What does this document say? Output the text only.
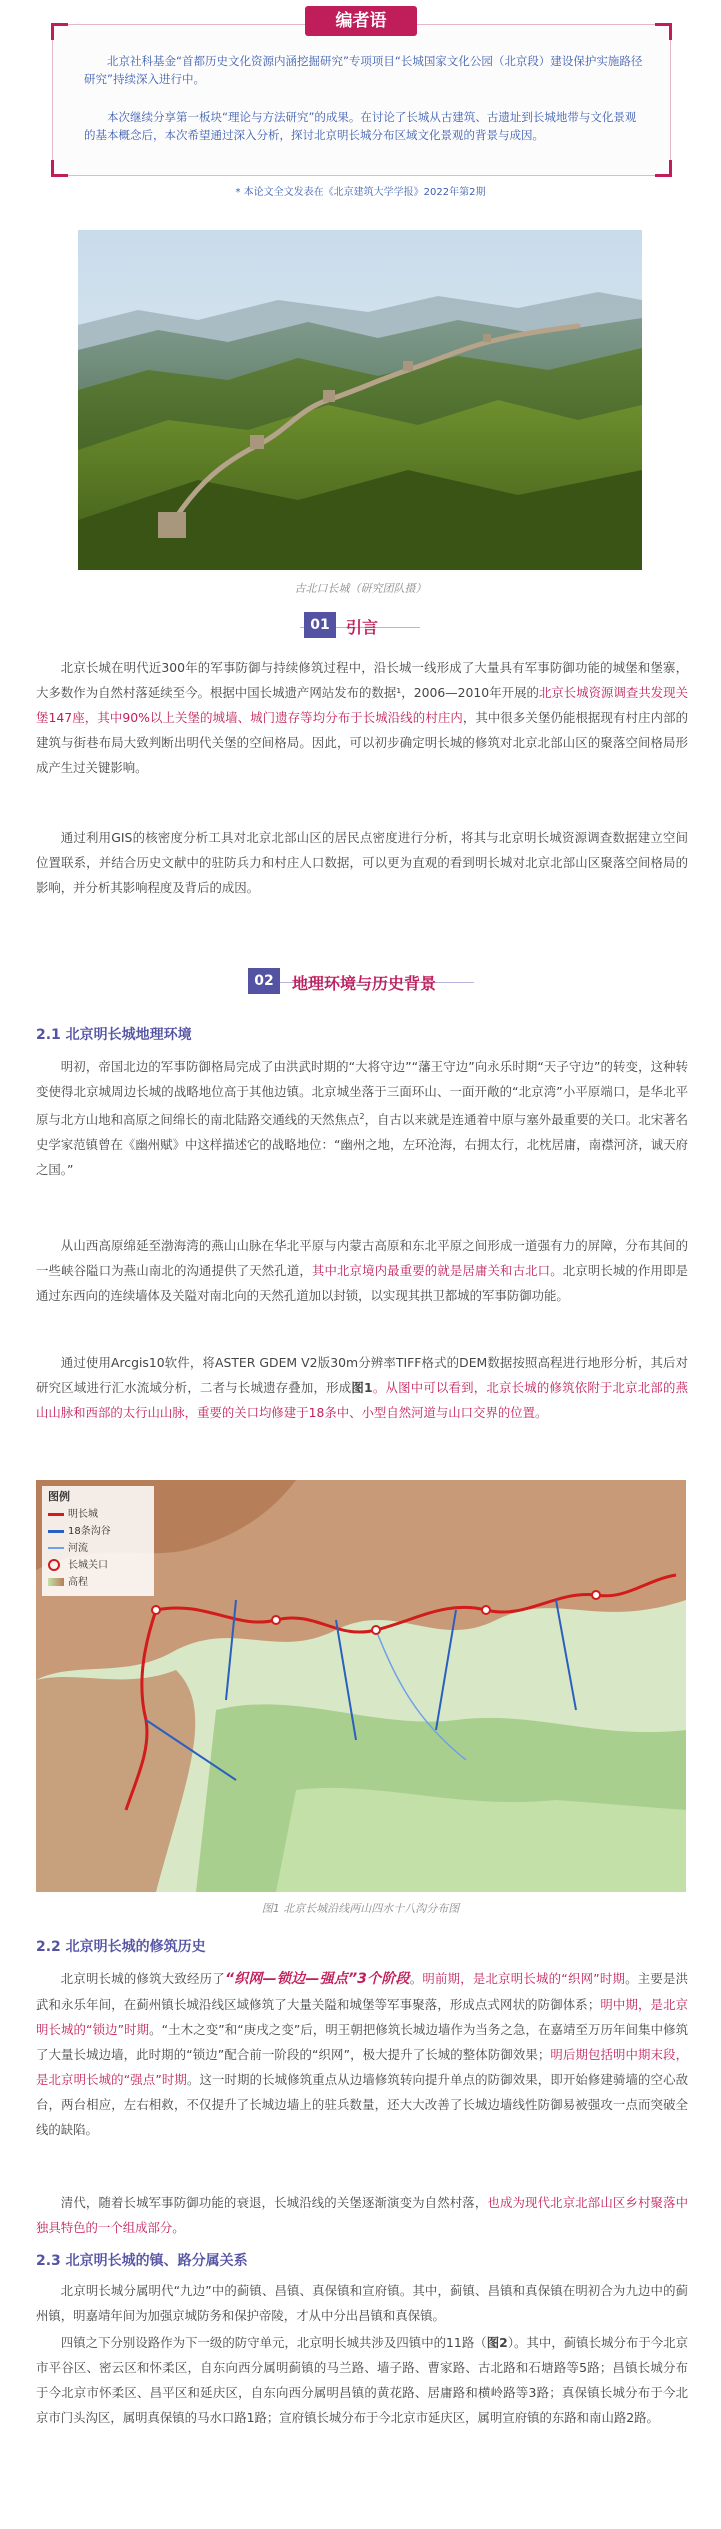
编者语
北京社科基金“首都历史文化资源内涵挖掘研究”专项项目“长城国家文化公园（北京段）建设保护实施路径研究”持续深入进行中。
本次继续分享第一板块“理论与方法研究”的成果。在讨论了长城从古建筑、古遗址到长城地带与文化景观的基本概念后，本次希望通过深入分析，探讨北京明长城分布区域文化景观的背景与成因。
* 本论文全文发表在《北京建筑大学学报》2022年第2期
古北口长城（研究团队摄）
01	引言
北京长城在明代近300年的军事防御与持续修筑过程中，沿长城一线形成了大量具有军事防御功能的城堡和堡寨，大多数作为自然村落延续至今。根据中国长城遗产网站发布的数据¹，2006—2010年开展的北京长城资源调查共发现关堡147座，其中90%以上关堡的城墙、城门遗存等均分布于长城沿线的村庄内，其中很多关堡仍能根据现有村庄内部的建筑与街巷布局大致判断出明代关堡的空间格局。因此，可以初步确定明长城的修筑对北京北部山区的聚落空间格局形成产生过关键影响。
通过利用GIS的核密度分析工具对北京北部山区的居民点密度进行分析，将其与北京明长城资源调查数据建立空间位置联系，并结合历史文献中的驻防兵力和村庄人口数据，可以更为直观的看到明长城对北京北部山区聚落空间格局的影响，并分析其影响程度及背后的成因。
02	地理环境与历史背景
2.1 北京明长城地理环境
明初，帝国北边的军事防御格局完成了由洪武时期的“大将守边”“藩王守边”向永乐时期“天子守边”的转变，这种转变使得北京城周边长城的战略地位高于其他边镇。北京城坐落于三面环山、一面开敞的“北京湾”小平原端口，是华北平原与北方山地和高原之间绵长的南北陆路交通线的天然焦点$^2$，自古以来就是连通着中原与塞外最重要的关口。北宋著名史学家范镇曾在《幽州赋》中这样描述它的战略地位：“幽州之地，左环沧海，右拥太行，北枕居庸，南襟河济，诚天府之国。”
从山西高原绵延至渤海湾的燕山山脉在华北平原与内蒙古高原和东北平原之间形成一道强有力的屏障，分布其间的一些峡谷隘口为燕山南北的沟通提供了天然孔道，其中北京境内最重要的就是居庸关和古北口。北京明长城的作用即是通过东西向的连续墙体及关隘对南北向的天然孔道加以封锁，以实现其拱卫都城的军事防御功能。
通过使用Arcgis10软件，将ASTER GDEM V2版30m分辨率TIFF格式的DEM数据按照高程进行地形分析，其后对研究区域进行汇水流域分析，二者与长城遗存叠加，形成图1。从图中可以看到，北京长城的修筑依附于北京北部的燕山山脉和西部的太行山山脉，重要的关口均修建于18条中、小型自然河道与山口交界的位置。
图例
明长城
18条沟谷
河流
长城关口
高程
图1 北京长城沿线两山四水十八沟分布图
2.2 北京明长城的修筑历史
北京明长城的修筑大致经历了“织网—锁边—强点”3个阶段。明前期，是北京明长城的“织网”时期。主要是洪武和永乐年间，在蓟州镇长城沿线区域修筑了大量关隘和城堡等军事聚落，形成点式网状的防御体系；明中期，是北京明长城的“锁边”时期。“土木之变”和“庚戌之变”后，明王朝把修筑长城边墙作为当务之急，在嘉靖至万历年间集中修筑了大量长城边墙，此时期的“锁边”配合前一阶段的“织网”，极大提升了长城的整体防御效果；明后期包括明中期末段，是北京明长城的“强点”时期。这一时期的长城修筑重点从边墙修筑转向提升单点的防御效果，即开始修建骑墙的空心敌台，两台相应，左右相救，不仅提升了长城边墙上的驻兵数量，还大大改善了长城边墙线性防御易被强攻一点而突破全线的缺陷。
清代，随着长城军事防御功能的衰退，长城沿线的关堡逐渐演变为自然村落，也成为现代北京北部山区乡村聚落中独具特色的一个组成部分。
2.3 北京明长城的镇、路分属关系
北京明长城分属明代“九边”中的蓟镇、昌镇、真保镇和宣府镇。其中，蓟镇、昌镇和真保镇在明初合为九边中的蓟州镇，明嘉靖年间为加强京城防务和保护帝陵，才从中分出昌镇和真保镇。
四镇之下分别设路作为下一级的防守单元，北京明长城共涉及四镇中的11路（图2）。其中，蓟镇长城分布于今北京市平谷区、密云区和怀柔区，自东向西分属明蓟镇的马兰路、墙子路、曹家路、古北路和石塘路等5路；昌镇长城分布于今北京市怀柔区、昌平区和延庆区，自东向西分属明昌镇的黄花路、居庸路和横岭路等3路；真保镇长城分布于今北京市门头沟区，属明真保镇的马水口路1路；宣府镇长城分布于今北京市延庆区，属明宣府镇的东路和南山路2路。
